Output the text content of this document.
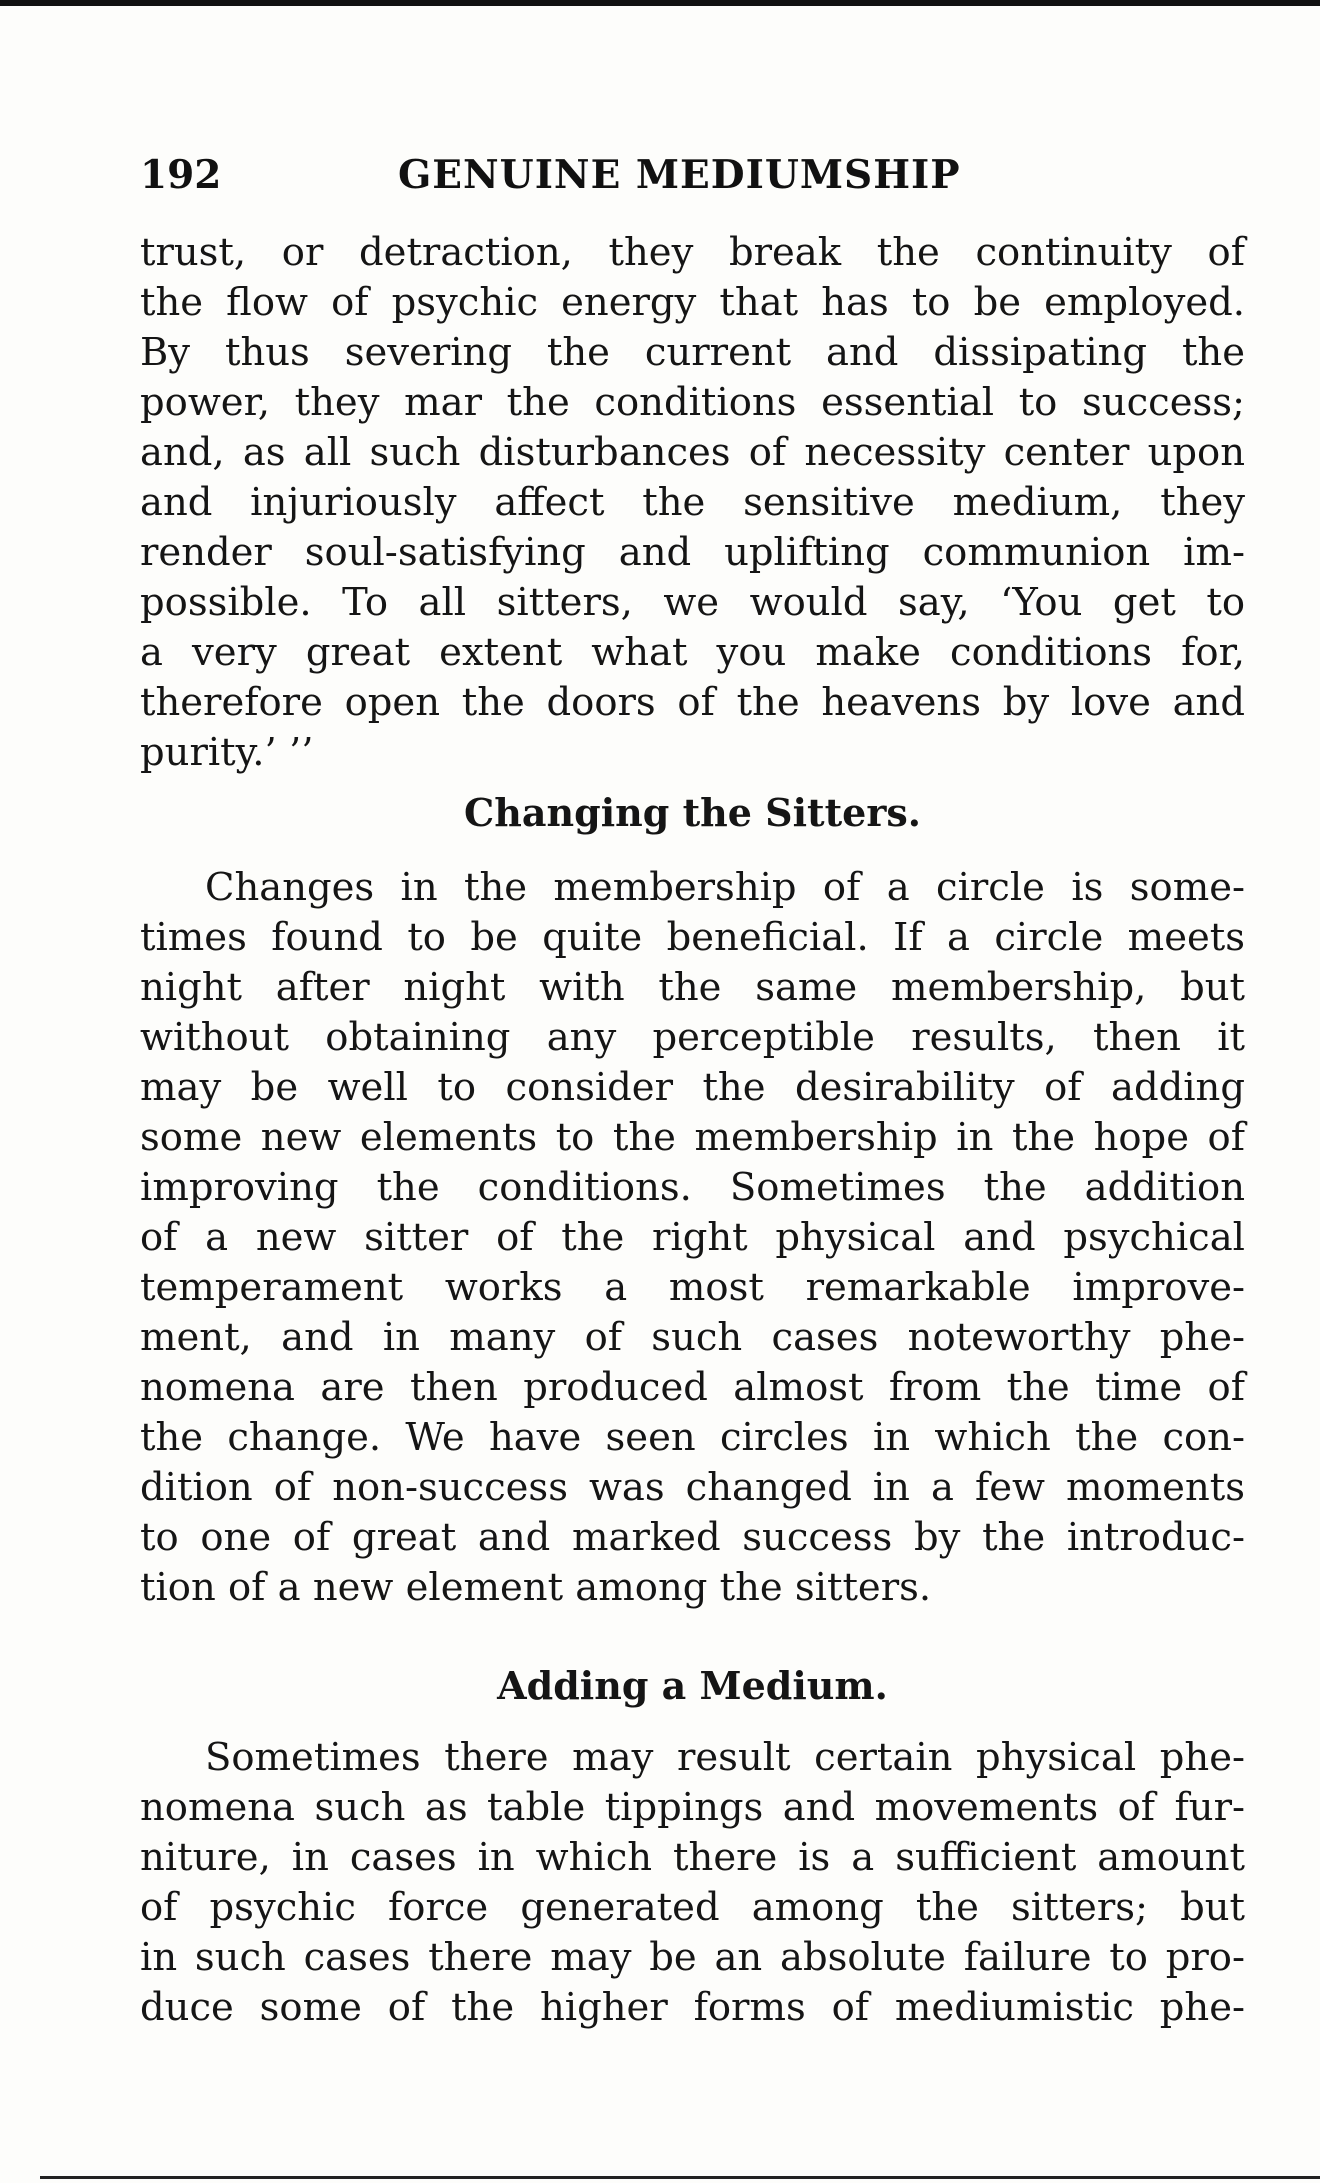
192	GENUINE MEDIUMSHIP
trust, or detraction, they break the continuity of
the flow of psychic energy that has to be employed.
By thus severing the current and dissipating the
power, they mar the conditions essential to success;
and, as all such disturbances of necessity center upon
and injuriously affect the sensitive medium, they
render soul-satisfying and uplifting communion im-
possible. To all sitters, we would say, ‘You get to
a very great extent what you make conditions for,
therefore open the doors of the heavens by love and
purity.’ ’’
Changing the Sitters.
Changes in the membership of a circle is some-
times found to be quite beneficial. If a circle meets
night after night with the same membership, but
without obtaining any perceptible results, then it
may be well to consider the desirability of adding
some new elements to the membership in the hope of
improving the conditions. Sometimes the addition
of a new sitter of the right physical and psychical
temperament works a most remarkable improve-
ment, and in many of such cases noteworthy phe-
nomena are then produced almost from the time of
the change. We have seen circles in which the con-
dition of non-success was changed in a few moments
to one of great and marked success by the introduc-
tion of a new element among the sitters.
Adding a Medium.
Sometimes there may result certain physical phe-
nomena such as table tippings and movements of fur-
niture, in cases in which there is a sufficient amount
of psychic force generated among the sitters; but
in such cases there may be an absolute failure to pro-
duce some of the higher forms of mediumistic phe-
